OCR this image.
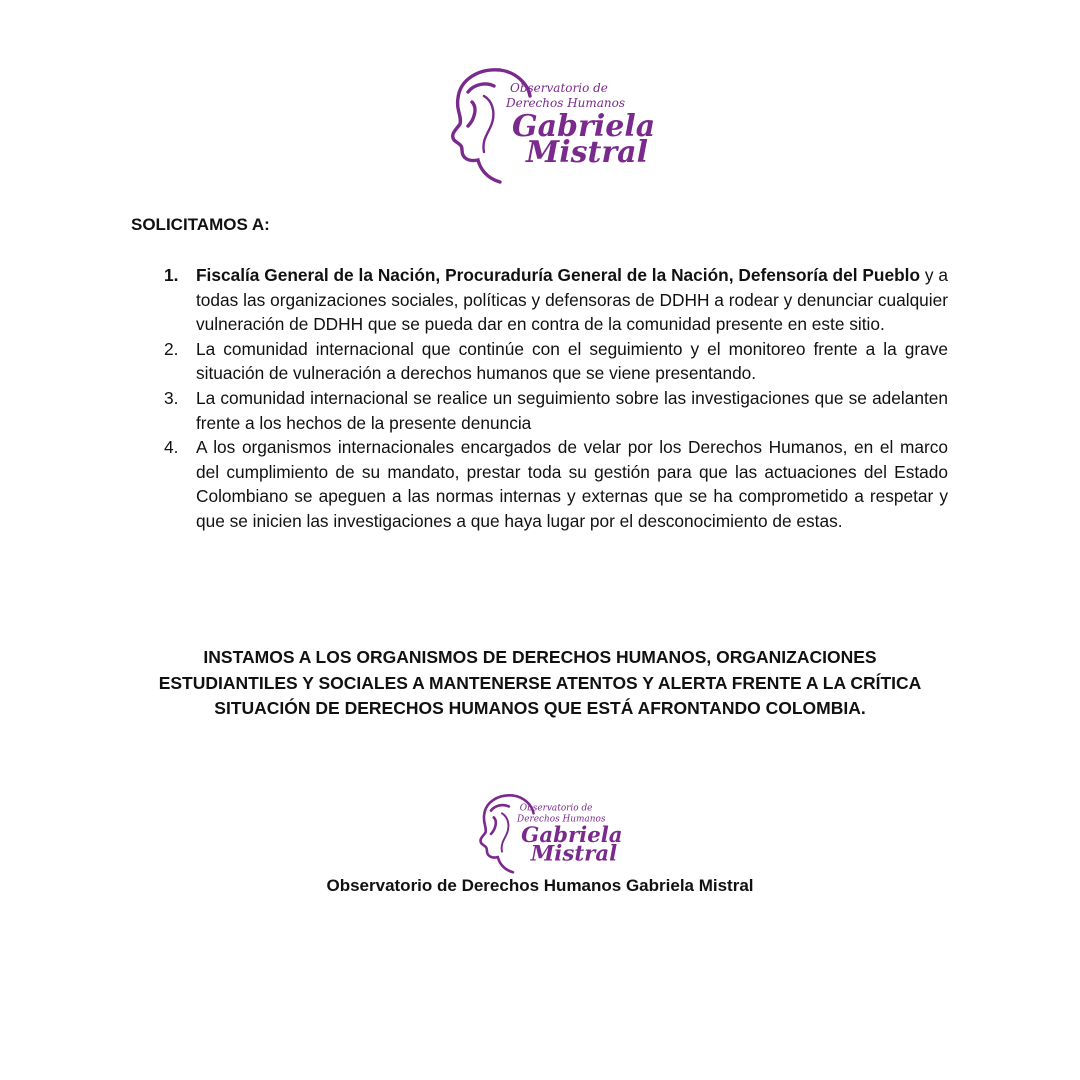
Observatorio de
Derechos Humanos
Gabriela
Mistral
SOLICITAMOS A:
1. Fiscalía General de la Nación, Procuraduría General de la Nación, Defensoría del Pueblo y a todas las organizaciones sociales, políticas y defensoras de DDHH a rodear y denunciar cualquier vulneración de DDHH que se pueda dar en contra de la comunidad presente en este sitio.
2. La comunidad internacional que continúe con el seguimiento y el monitoreo frente a la grave situación de vulneración a derechos humanos que se viene presentando.
3. La comunidad internacional se realice un seguimiento sobre las investigaciones que se adelanten frente a los hechos de la presente denuncia
4. A los organismos internacionales encargados de velar por los Derechos Humanos, en el marco del cumplimiento de su mandato, prestar toda su gestión para que las actuaciones del Estado Colombiano se apeguen a las normas internas y externas que se ha comprometido a respetar y que se inicien las investigaciones a que haya lugar por el desconocimiento de estas.

INSTAMOS A LOS ORGANISMOS DE DERECHOS HUMANOS, ORGANIZACIONES ESTUDIANTILES Y SOCIALES A MANTENERSE ATENTOS Y ALERTA FRENTE A LA CRÍTICA SITUACIÓN DE DERECHOS HUMANOS QUE ESTÁ AFRONTANDO COLOMBIA.

Observatorio de
Derechos Humanos
Gabriela
Mistral

Observatorio de Derechos Humanos Gabriela Mistral
